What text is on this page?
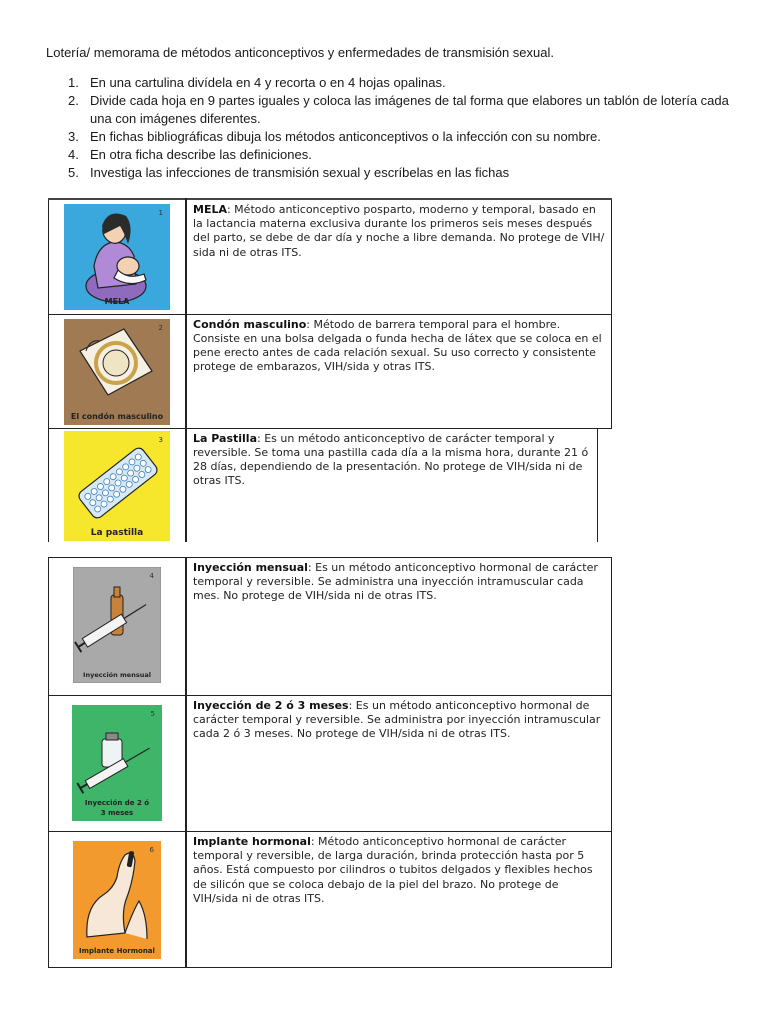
Lotería/ memorama de métodos anticonceptivos y enfermedades de transmisión sexual.
1. En una cartulina divídela en 4 y recorta o en 4 hojas opalinas.
2. Divide cada hoja en 9 partes iguales y coloca las imágenes de tal forma que elabores un tablón de lotería cada una con imágenes diferentes.
3. En fichas bibliográficas dibuja los métodos anticonceptivos o la infección con su nombre.
4. En otra ficha describe las definiciones.
5. Investiga las infecciones de transmisión sexual y escríbelas en las fichas
1
MELA	MELA: Método anticonceptivo posparto, moderno y temporal, basado en la lactancia materna exclusiva durante los primeros seis meses después del parto, se debe de dar día y noche a libre demanda. No protege de VIH/ sida ni de otras ITS.

2
El condón masculino	Condón masculino: Método de barrera temporal para el hombre. Consiste en una bolsa delgada o funda hecha de látex que se coloca en el pene erecto antes de cada relación sexual. Su uso correcto y consistente protege de embarazos, VIH/sida y otras ITS.

3
La pastilla	La Pastilla: Es un método anticonceptivo de carácter temporal y reversible. Se toma una pastilla cada día a la misma hora, durante 21 ó 28 días, dependiendo de la presentación. No protege de VIH/sida ni de otras ITS.
4
Inyección mensual	Inyección mensual: Es un método anticonceptivo hormonal de carácter temporal y reversible. Se administra una inyección intramuscular cada mes. No protege de VIH/sida ni de otras ITS.

5
Inyección de 2 ó 3 meses	Inyección de 2 ó 3 meses: Es un método anticonceptivo hormonal de carácter temporal y reversible. Se administra por inyección intramuscular cada 2 ó 3 meses. No protege de VIH/sida ni de otras ITS.

6
Implante Hormonal	Implante hormonal: Método anticonceptivo hormonal de carácter temporal y reversible, de larga duración, brinda protección hasta por 5 años. Está compuesto por cilindros o tubitos delgados y flexibles hechos de silicón que se coloca debajo de la piel del brazo. No protege de VIH/sida ni de otras ITS.
